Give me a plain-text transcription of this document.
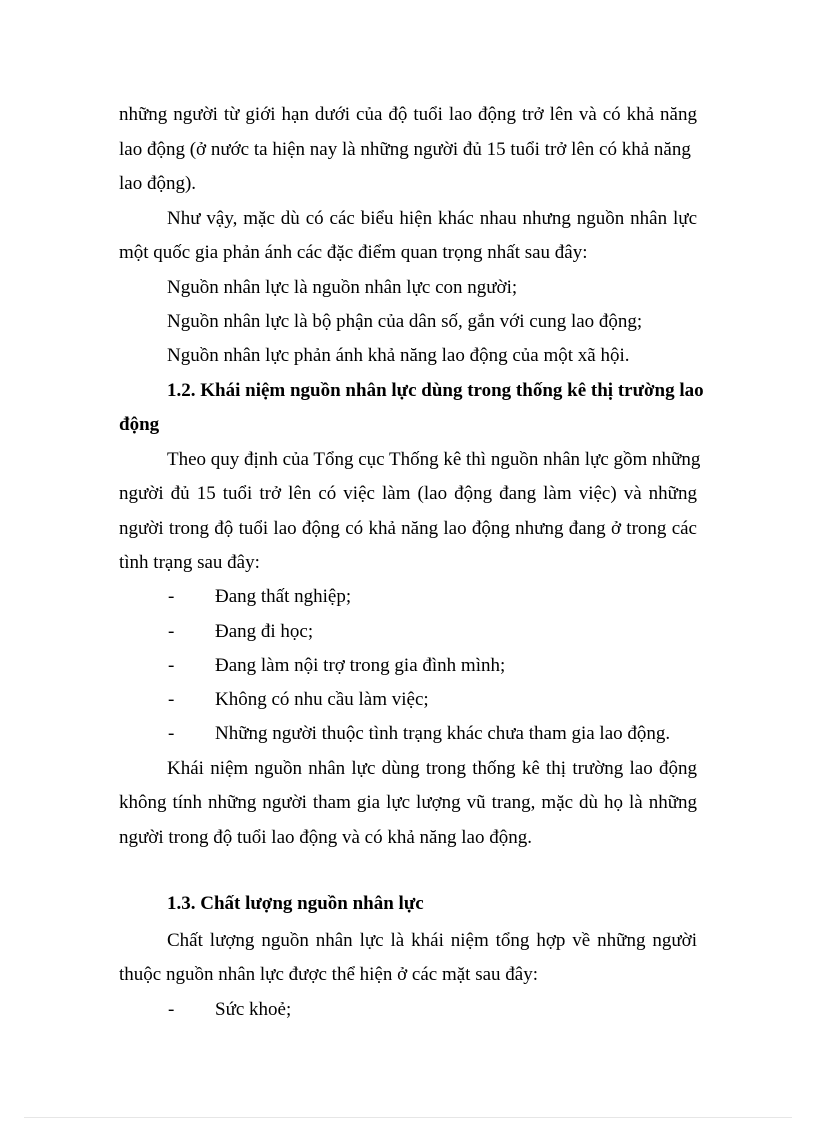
những người từ giới hạn dưới của độ tuổi lao động trở lên và có khả năng
lao động (ở nước ta hiện nay là những người đủ 15 tuổi trở lên có khả năng
lao động).
Như vậy, mặc dù có các biểu hiện khác nhau nhưng nguồn nhân lực
một quốc gia phản ánh các đặc điểm quan trọng nhất sau đây:
Nguồn nhân lực là nguồn nhân lực con người;
Nguồn nhân lực là bộ phận của dân số, gắn với cung lao động;
Nguồn nhân lực phản ánh khả năng lao động của một xã hội.
1.2. Khái niệm nguồn nhân lực dùng trong thống kê thị trường lao
động
Theo quy định của Tổng cục Thống kê thì nguồn nhân lực gồm những
người đủ 15 tuổi trở lên có việc làm (lao động đang làm việc) và những
người trong độ tuổi lao động có khả năng lao động nhưng đang ở trong các
tình trạng sau đây:
- Đang thất nghiệp;
- Đang đi học;
- Đang làm nội trợ trong gia đình mình;
- Không có nhu cầu làm việc;
- Những người thuộc tình trạng khác chưa tham gia lao động.
Khái niệm nguồn nhân lực dùng trong thống kê thị trường lao động
không tính những người tham gia lực lượng vũ trang, mặc dù họ là những
người trong độ tuổi lao động và có khả năng lao động.
1.3. Chất lượng nguồn nhân lực
Chất lượng nguồn nhân lực là khái niệm tổng hợp về những người
thuộc nguồn nhân lực được thể hiện ở các mặt sau đây:
- Sức khoẻ;
